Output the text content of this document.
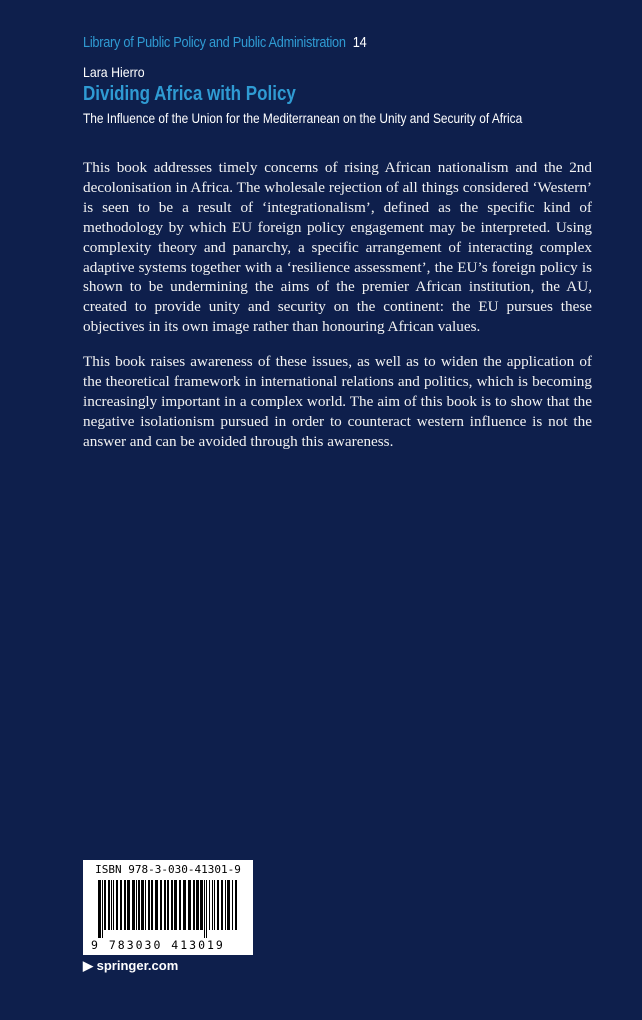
Library of Public Policy and Public Administration 14
Lara Hierro
Dividing Africa with Policy
The Influence of the Union for the Mediterranean on the Unity and Security of Africa

This book addresses timely concerns of rising African nationalism and the 2nd decolonisation in Africa. The wholesale rejection of all things considered ‘Western’ is seen to be a result of ‘integrationalism’, defined as the specific kind of methodology by which EU foreign policy engagement may be interpreted. Using complexity theory and panarchy, a specific arrangement of interacting complex adaptive systems together with a ‘resilience assessment’, the EU’s foreign policy is shown to be undermining the aims of the premier African institution, the AU, created to provide unity and security on the continent: the EU pursues these objectives in its own image rather than honouring African values.

This book raises awareness of these issues, as well as to widen the application of the theoretical framework in international relations and politics, which is becoming increasingly important in a complex world. The aim of this book is to show that the negative isolationism pursued in order to counteract western influence is not the answer and can be avoided through this awareness.

ISBN 978-3-030-41301-9
9 783030 413019
▶ springer.com
